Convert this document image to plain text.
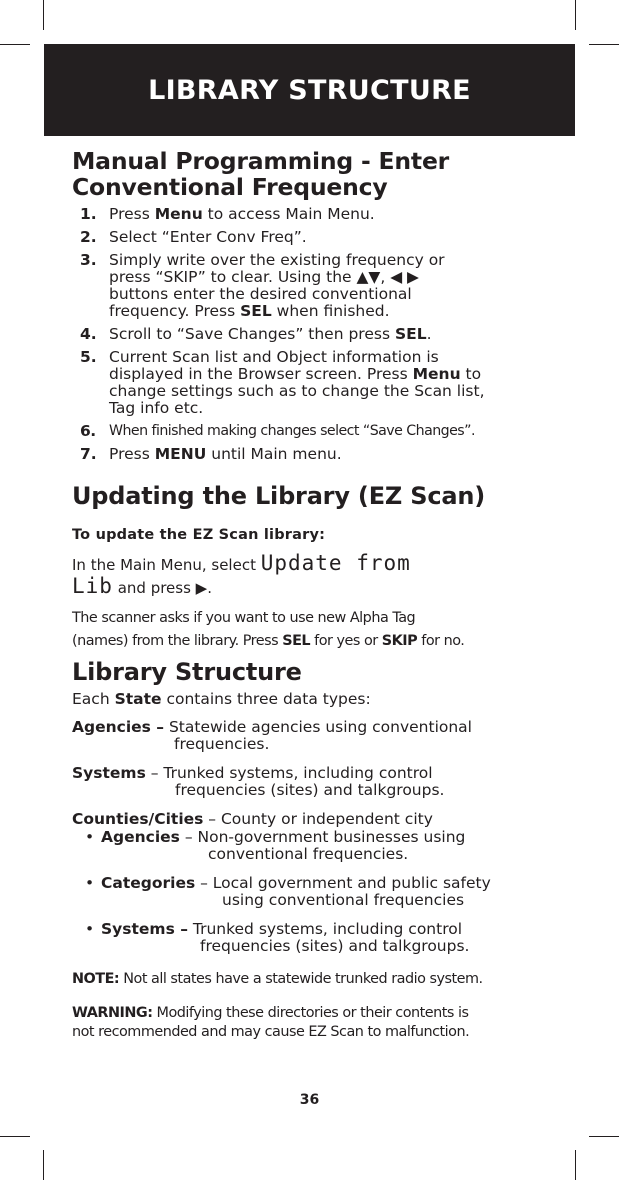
LIBRARY STRUCTURE
Manual Programming - Enter
Conventional Frequency
1. Press Menu to access Main Menu.
2. Select “Enter Conv Freq”.
3. Simply write over the existing frequency or
press “SKIP” to clear. Using the ▲▼, ◀ ▶
buttons enter the desired conventional
frequency. Press SEL when finished.
4. Scroll to “Save Changes” then press SEL.
5. Current Scan list and Object information is
displayed in the Browser screen. Press Menu to
change settings such as to change the Scan list,
Tag info etc.
6. When finished making changes select “Save Changes”.
7. Press MENU until Main menu.
Updating the Library (EZ Scan)

To update the EZ Scan library:

In the Main Menu, select Update from
Lib and press ▶.

The scanner asks if you want to use new Alpha Tag
(names) from the library. Press SEL for yes or SKIP for no.

Library Structure

Each State contains three data types:

Agencies – Statewide agencies using conventional
frequencies.

Systems – Trunked systems, including control
frequencies (sites) and talkgroups.

Counties/Cities – County or independent city

• Agencies – Non-government businesses using
conventional frequencies.
• Categories – Local government and public safety
using conventional frequencies
• Systems – Trunked systems, including control
frequencies (sites) and talkgroups.

NOTE: Not all states have a statewide trunked radio system.

WARNING: Modifying these directories or their contents is
not recommended and may cause EZ Scan to malfunction.

36
